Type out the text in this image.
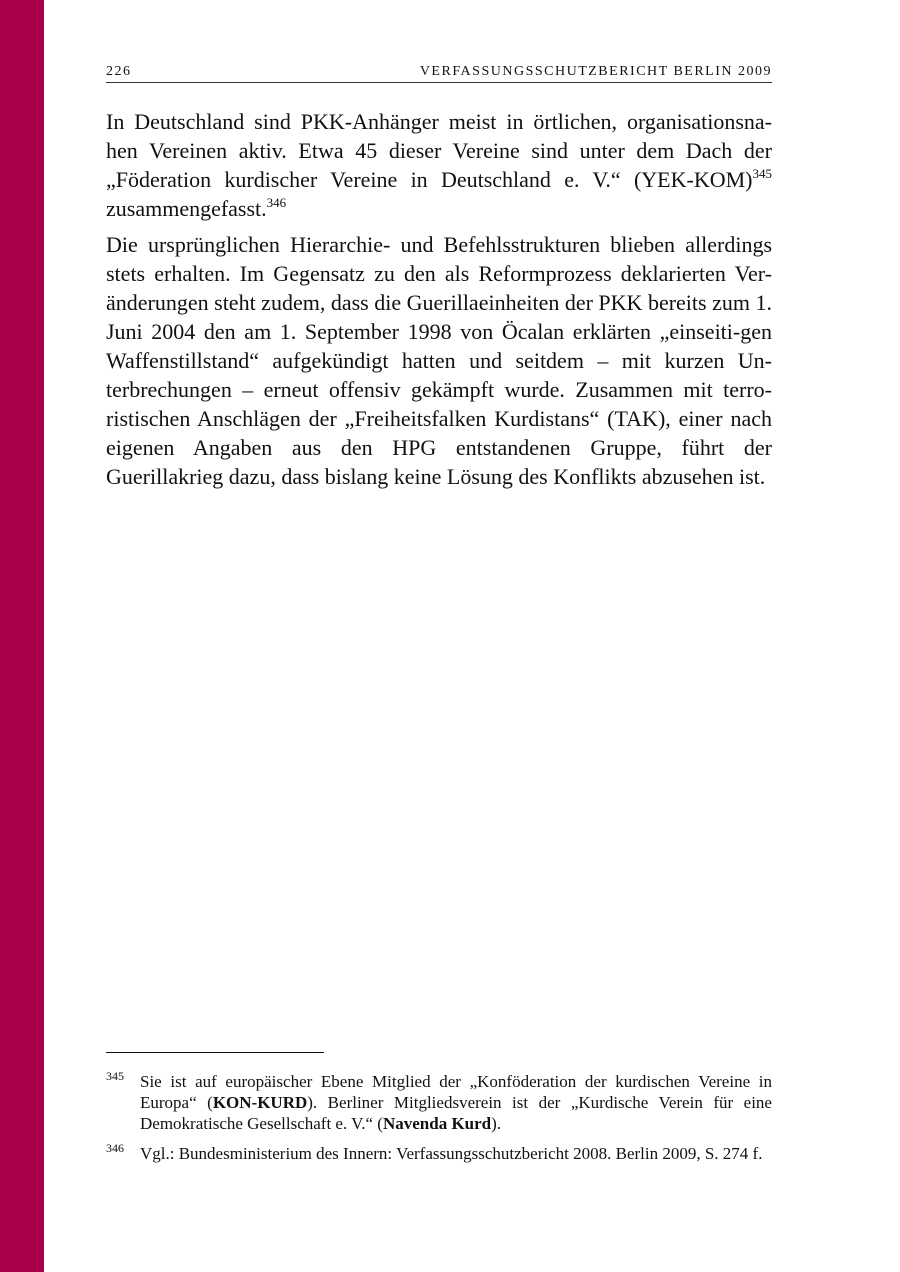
226	VERFASSUNGSSCHUTZBERICHT BERLIN 2009

In Deutschland sind PKK-Anhänger meist in örtlichen, organisationsna-hen Vereinen aktiv. Etwa 45 dieser Vereine sind unter dem Dach der „Föderation kurdischer Vereine in Deutschland e. V.“ $(YEK-KOM)^{345}$ zusammengefasst.$^{346}$

Die ursprünglichen Hierarchie- und Befehlsstrukturen blieben allerdings stets erhalten. Im Gegensatz zu den als Reformprozess deklarierten Ver-änderungen steht zudem, dass die Guerillaeinheiten der PKK bereits zum 1. Juni 2004 den am 1. September 1998 von Öcalan erklärten „einseiti-gen Waffenstillstand“ aufgekündigt hatten und seitdem – mit kurzen Un-terbrechungen – erneut offensiv gekämpft wurde. Zusammen mit terro-ristischen Anschlägen der „Freiheitsfalken Kurdistans“ (TAK), einer nach eigenen Angaben aus den HPG entstandenen Gruppe, führt der Guerillakrieg dazu, dass bislang keine Lösung des Konflikts abzusehen ist.

345 Sie ist auf europäischer Ebene Mitglied der „Konföderation der kurdischen Vereine in Europa“ (KON-KURD). Berliner Mitgliedsverein ist der „Kurdische Verein für eine Demokratische Gesellschaft e. V.“ (Navenda Kurd).
346 Vgl.: Bundesministerium des Innern: Verfassungsschutzbericht 2008. Berlin 2009, S. 274 f.
